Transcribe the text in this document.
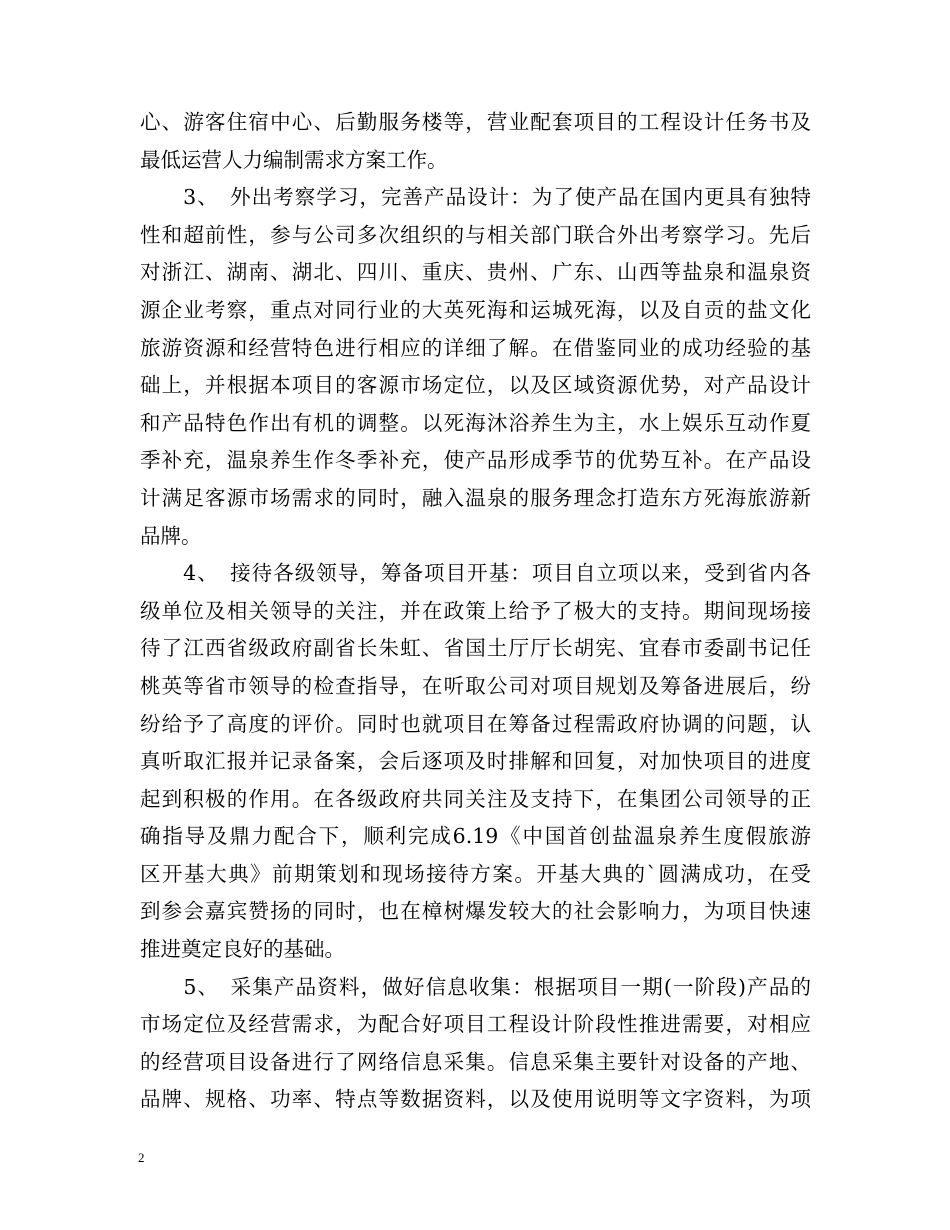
心、游客住宿中心、后勤服务楼等，营业配套项目的工程设计任务书及
最低运营人力编制需求方案工作。
　　3、　外出考察学习，完善产品设计：为了使产品在国内更具有独特
性和超前性，参与公司多次组织的与相关部门联合外出考察学习。先后
对浙江、湖南、湖北、四川、重庆、贵州、广东、山西等盐泉和温泉资
源企业考察，重点对同行业的大英死海和运城死海，以及自贡的盐文化
旅游资源和经营特色进行相应的详细了解。在借鉴同业的成功经验的基
础上，并根据本项目的客源市场定位，以及区域资源优势，对产品设计
和产品特色作出有机的调整。以死海沐浴养生为主，水上娱乐互动作夏
季补充，温泉养生作冬季补充，使产品形成季节的优势互补。在产品设
计满足客源市场需求的同时，融入温泉的服务理念打造东方死海旅游新
品牌。
　　4、　接待各级领导，筹备项目开基：项目自立项以来，受到省内各
级单位及相关领导的关注，并在政策上给予了极大的支持。期间现场接
待了江西省级政府副省长朱虹、省国土厅厅长胡宪、宜春市委副书记任
桃英等省市领导的检查指导，在听取公司对项目规划及筹备进展后，纷
纷给予了高度的评价。同时也就项目在筹备过程需政府协调的问题，认
真听取汇报并记录备案，会后逐项及时排解和回复，对加快项目的进度
起到积极的作用。在各级政府共同关注及支持下，在集团公司领导的正
确指导及鼎力配合下，顺利完成6.19《中国首创盐温泉养生度假旅游
区开基大典》前期策划和现场接待方案。开基大典的`圆满成功，在受
到参会嘉宾赞扬的同时，也在樟树爆发较大的社会影响力，为项目快速
推进奠定良好的基础。
　　5、　采集产品资料，做好信息收集：根据项目一期(一阶段)产品的
市场定位及经营需求，为配合好项目工程设计阶段性推进需要，对相应
的经营项目设备进行了网络信息采集。信息采集主要针对设备的产地、
品牌、规格、功率、特点等数据资料，以及使用说明等文字资料，为项
2
